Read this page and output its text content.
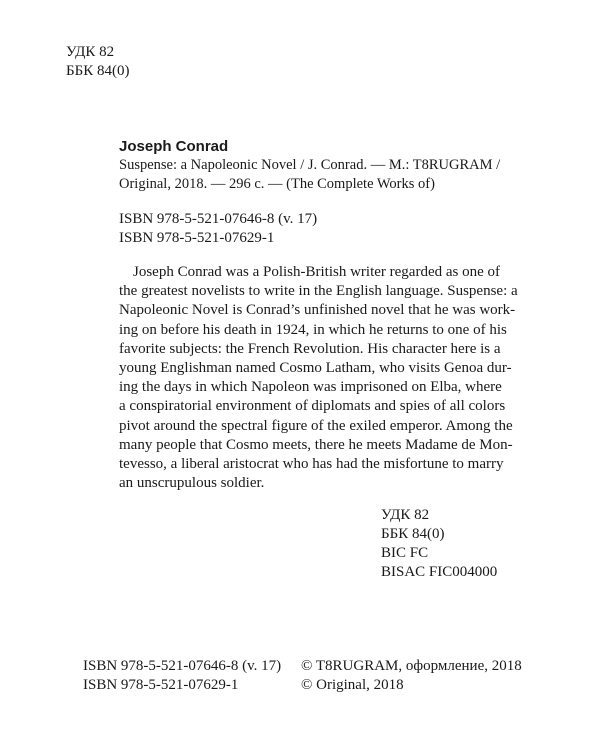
УДК 82
ББК 84(0)
Joseph Conrad
Suspense: a Napoleonic Novel / J. Conrad. — M.: T8RUGRAM /
Original, 2018. — 296 с. — (The Complete Works of)
ISBN 978-5-521-07646-8 (v. 17)
ISBN 978-5-521-07629-1
Joseph Conrad was a Polish-British writer regarded as one of
the greatest novelists to write in the English language. Suspense: a
Napoleonic Novel is Conrad’s unfinished novel that he was work-
ing on before his death in 1924, in which he returns to one of his
favorite subjects: the French Revolution. His character here is a
young Englishman named Cosmo Latham, who visits Genoa dur-
ing the days in which Napoleon was imprisoned on Elba, where
a conspiratorial environment of diplomats and spies of all colors
pivot around the spectral figure of the exiled emperor. Among the
many people that Cosmo meets, there he meets Madame de Mon-
tevesso, a liberal aristocrat who has had the misfortune to marry
an unscrupulous soldier.
УДК 82
ББК 84(0)
BIC FC
BISAC FIC004000
ISBN 978-5-521-07646-8 (v. 17)
ISBN 978-5-521-07629-1
© T8RUGRAM, оформление, 2018
© Original, 2018
